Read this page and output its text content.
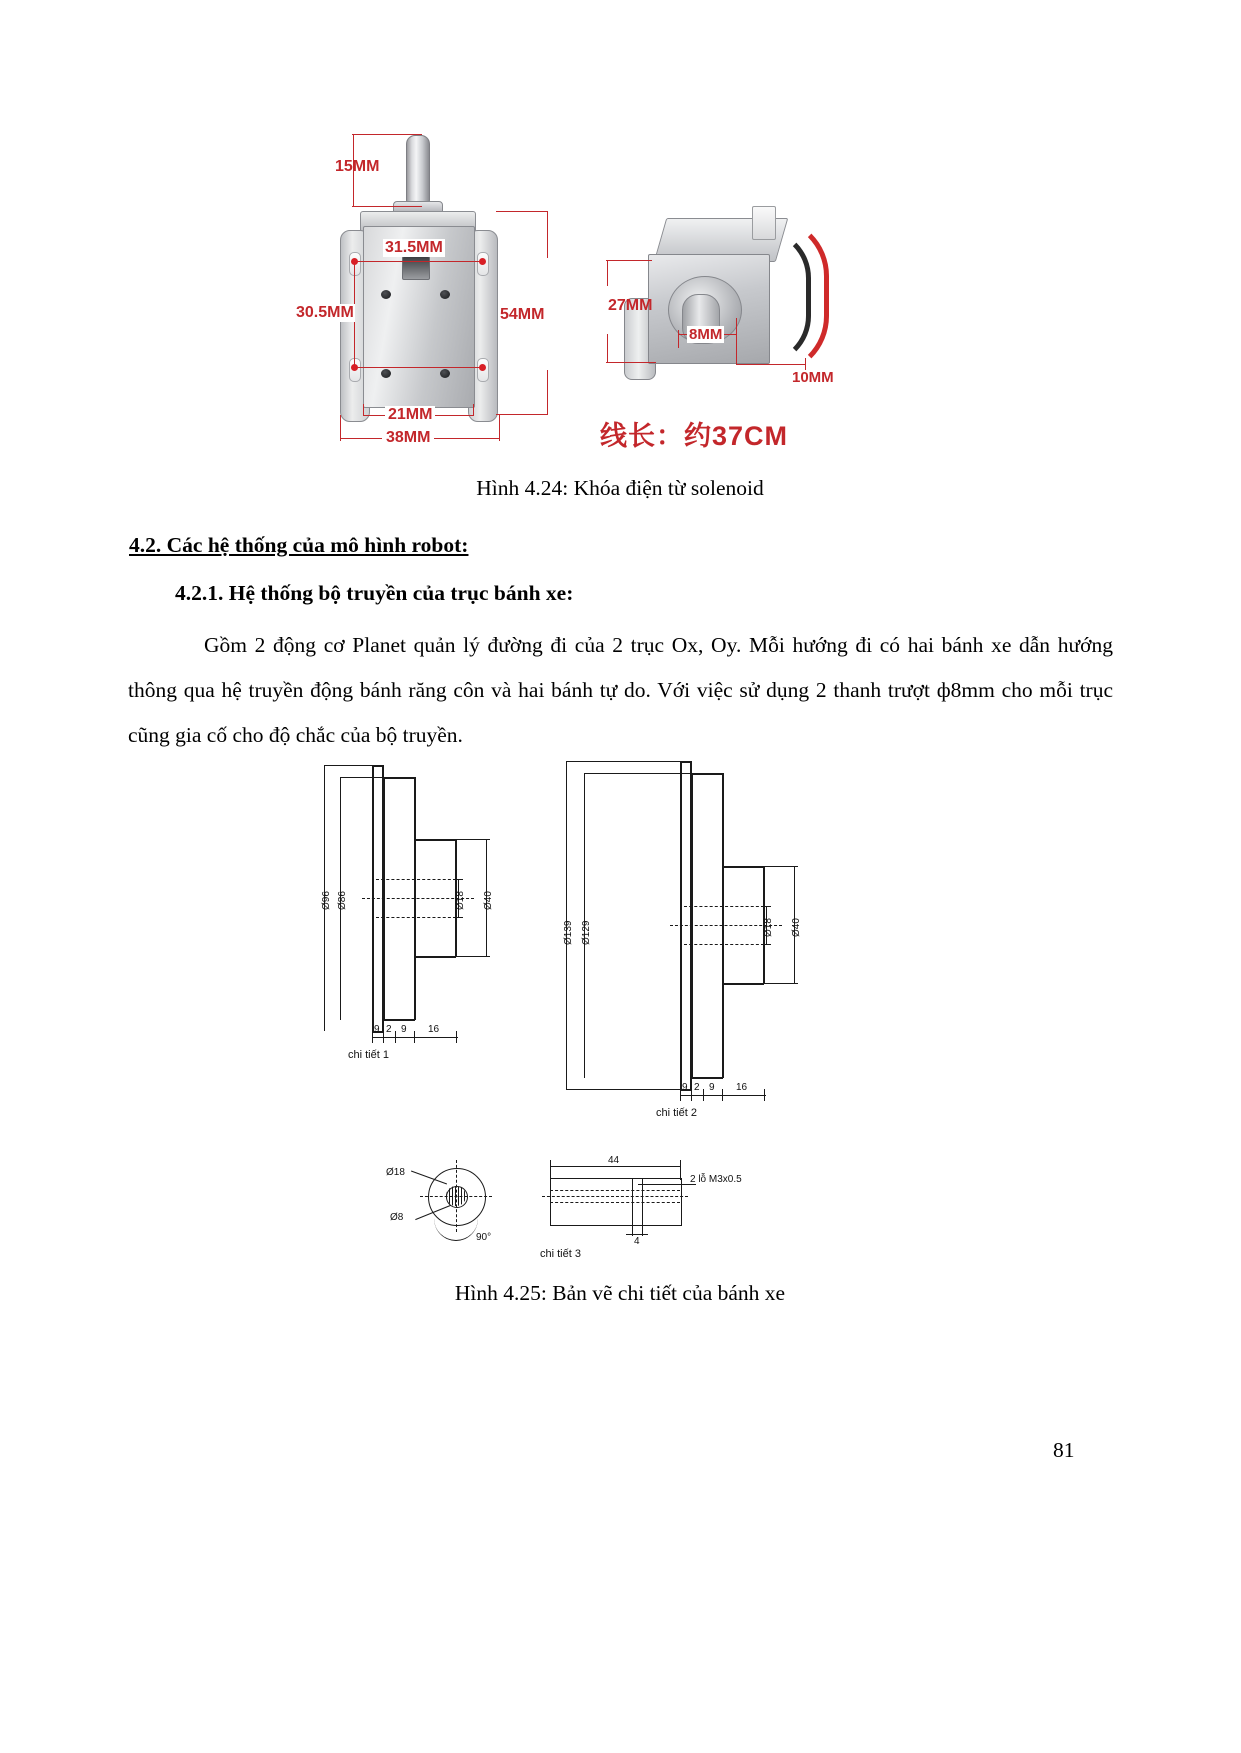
15MM
31.5MM
30.5MM	54MM
21MM
38MM
27MM
8MM
10MM
线长：约37CM
Hình 4.24: Khóa điện từ solenoid
4.2. Các hệ thống của mô hình robot:
4.2.1. Hệ thống bộ truyền của trục bánh xe:
Gồm 2 động cơ Planet quản lý đường đi của 2 trục Ox, Oy. Mỗi hướng đi có hai bánh xe dẫn hướng thông qua hệ truyền động bánh răng côn và hai bánh tự do. Với việc sử dụng 2 thanh trượt ф8mm cho mỗi trục cũng gia cố cho độ chắc của bộ truyền.
Ø96 Ø86	Ø18 Ø40
9 2 9 16
chi tiết 1
Ø139 Ø129	Ø18 Ø40
9 2 9 16
chi tiết 2
Ø18
Ø8
90°
44
2 lỗ M3x0.5
4
chi tiết 3
Hình 4.25: Bản vẽ chi tiết của bánh xe
81
